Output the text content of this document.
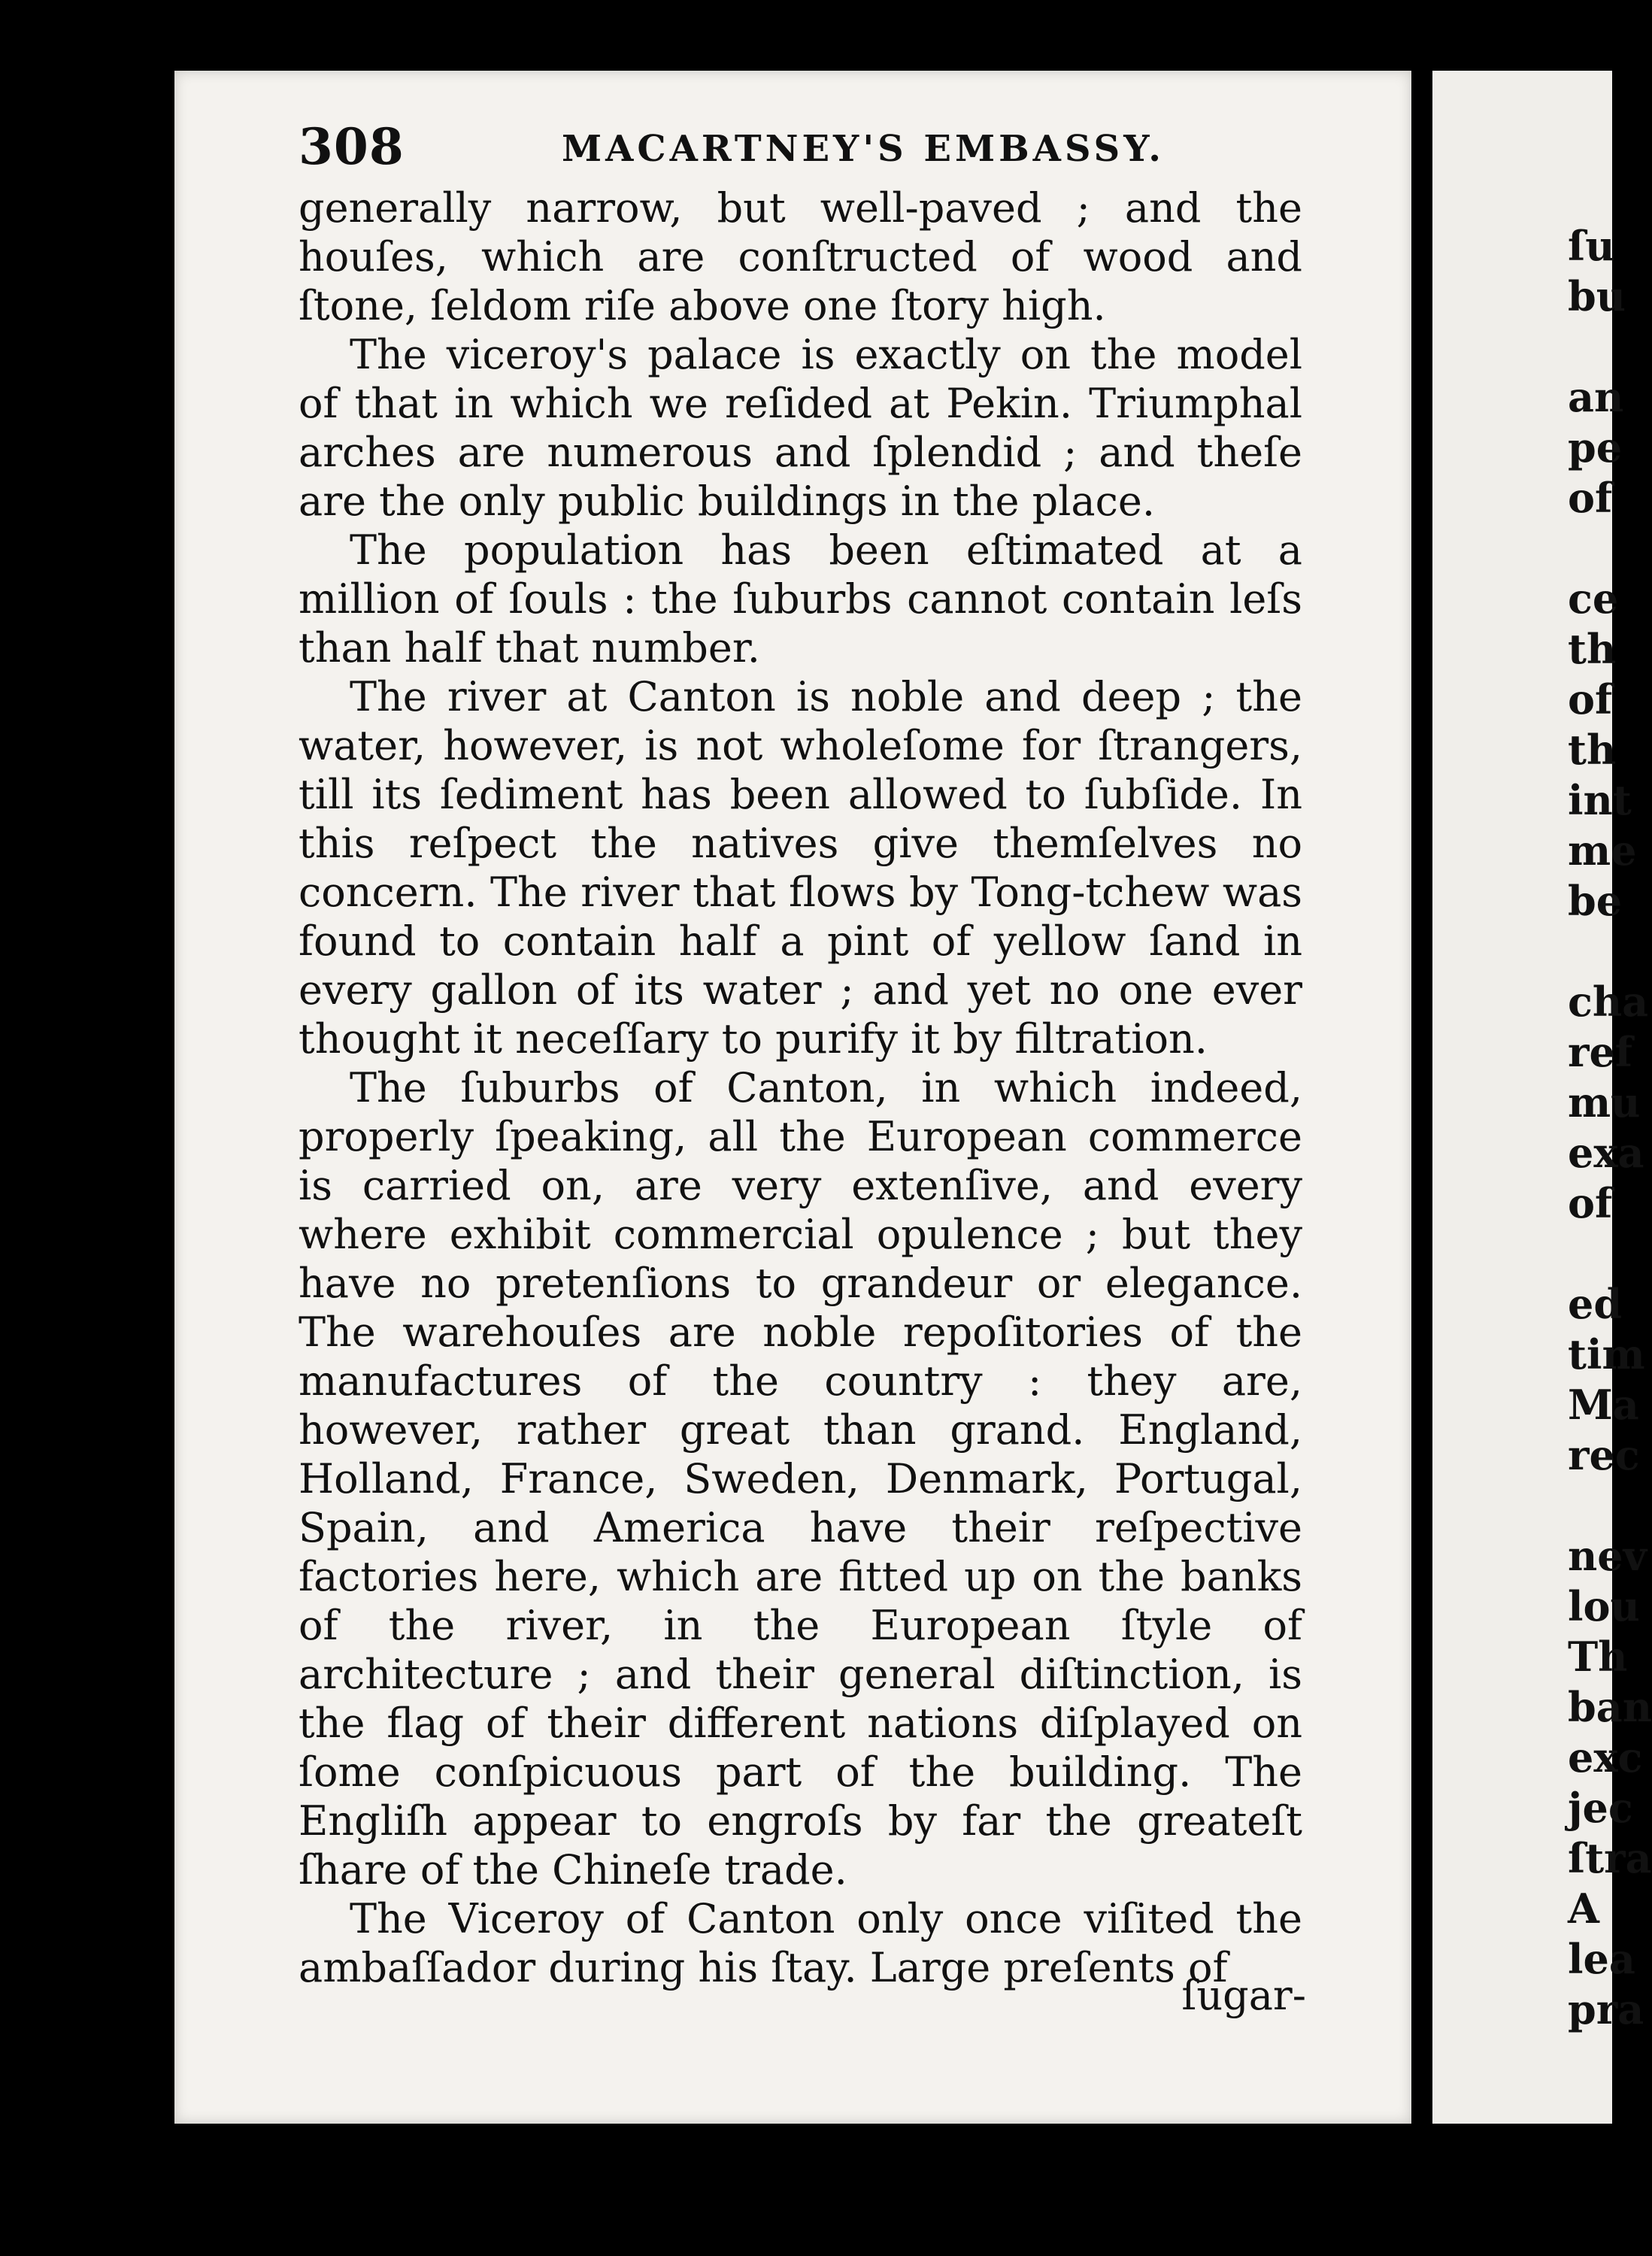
308	MACARTNEY'S EMBASSY.

generally narrow, but well-paved ; and the houſes, which are conſtructed of wood and ſtone, ſeldom riſe above one ſtory high.

The viceroy's palace is exactly on the model of that in which we reſided at Pekin. Triumphal arches are numerous and ſplendid ; and theſe are the only public buildings in the place.

The population has been eſtimated at a million of ſouls : the ſuburbs cannot contain leſs than half that number.

The river at Canton is noble and deep ; the water, however, is not wholeſome for ſtrangers, till its ſediment has been allowed to ſubſide. In this reſpect the natives give themſelves no concern. The river that flows by Tong-tchew was found to contain half a pint of yellow ſand in every gallon of its water ; and yet no one ever thought it neceſſary to purify it by filtration.

The ſuburbs of Canton, in which indeed, properly ſpeaking, all the European commerce is carried on, are very extenſive, and every where exhibit commercial opulence ; but they have no pretenſions to grandeur or elegance. The warehouſes are noble repoſitories of the manufactures of the country : they are, however, rather great than grand. England, Holland, France, Sweden, Denmark, Portugal, Spain, and America have their reſpective factories here, which are fitted up on the banks of the river, in the European ſtyle of architecture ; and their general diſtinction, is the flag of their different nations diſplayed on ſome conſpicuous part of the building. The Engliſh appear to engroſs by far the greateſt ſhare of the Chineſe trade.

The Viceroy of Canton only once viſited the ambaſſador during his ſtay. Large preſents of

ſugar-
ſu
bu
an
pe
of
ce
th
of
th
int
me
be
cha
ref
mu
exa
of
ed
tim
Ma
rec
nev
lou
Th
ban
exc
jec
ſtra
A
lea
pra
